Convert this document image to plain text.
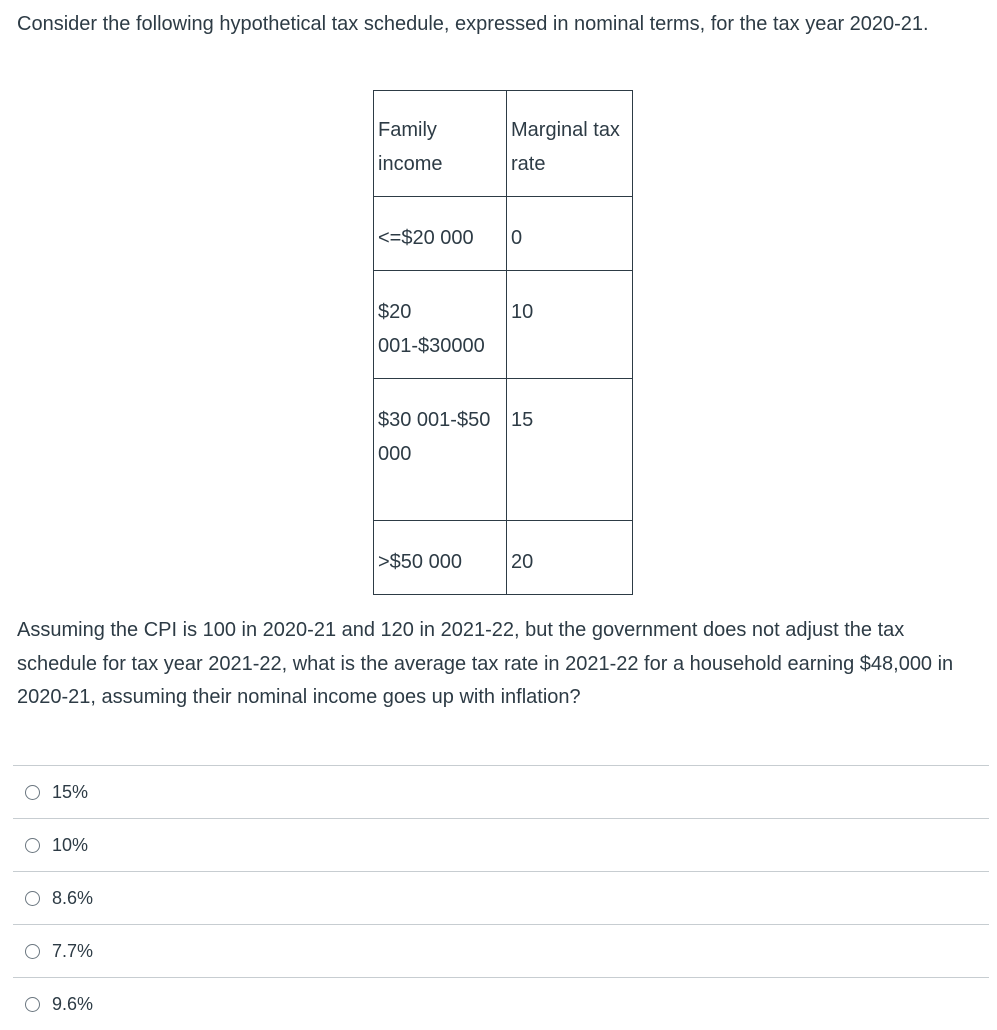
Consider the following hypothetical tax schedule, expressed in nominal terms, for the tax year 2020-21.

Family income	Marginal tax rate
<=$20 000	0
$20 001-$30000	10
$30 001-$50 000	15
>$50 000	20

Assuming the CPI is 100 in 2020-21 and 120 in 2021-22, but the government does not adjust the tax schedule for tax year 2021-22, what is the average tax rate in 2021-22 for a household earning $48,000 in 2020-21, assuming their nominal income goes up with inflation?

15%
10%
8.6%
7.7%
9.6%
